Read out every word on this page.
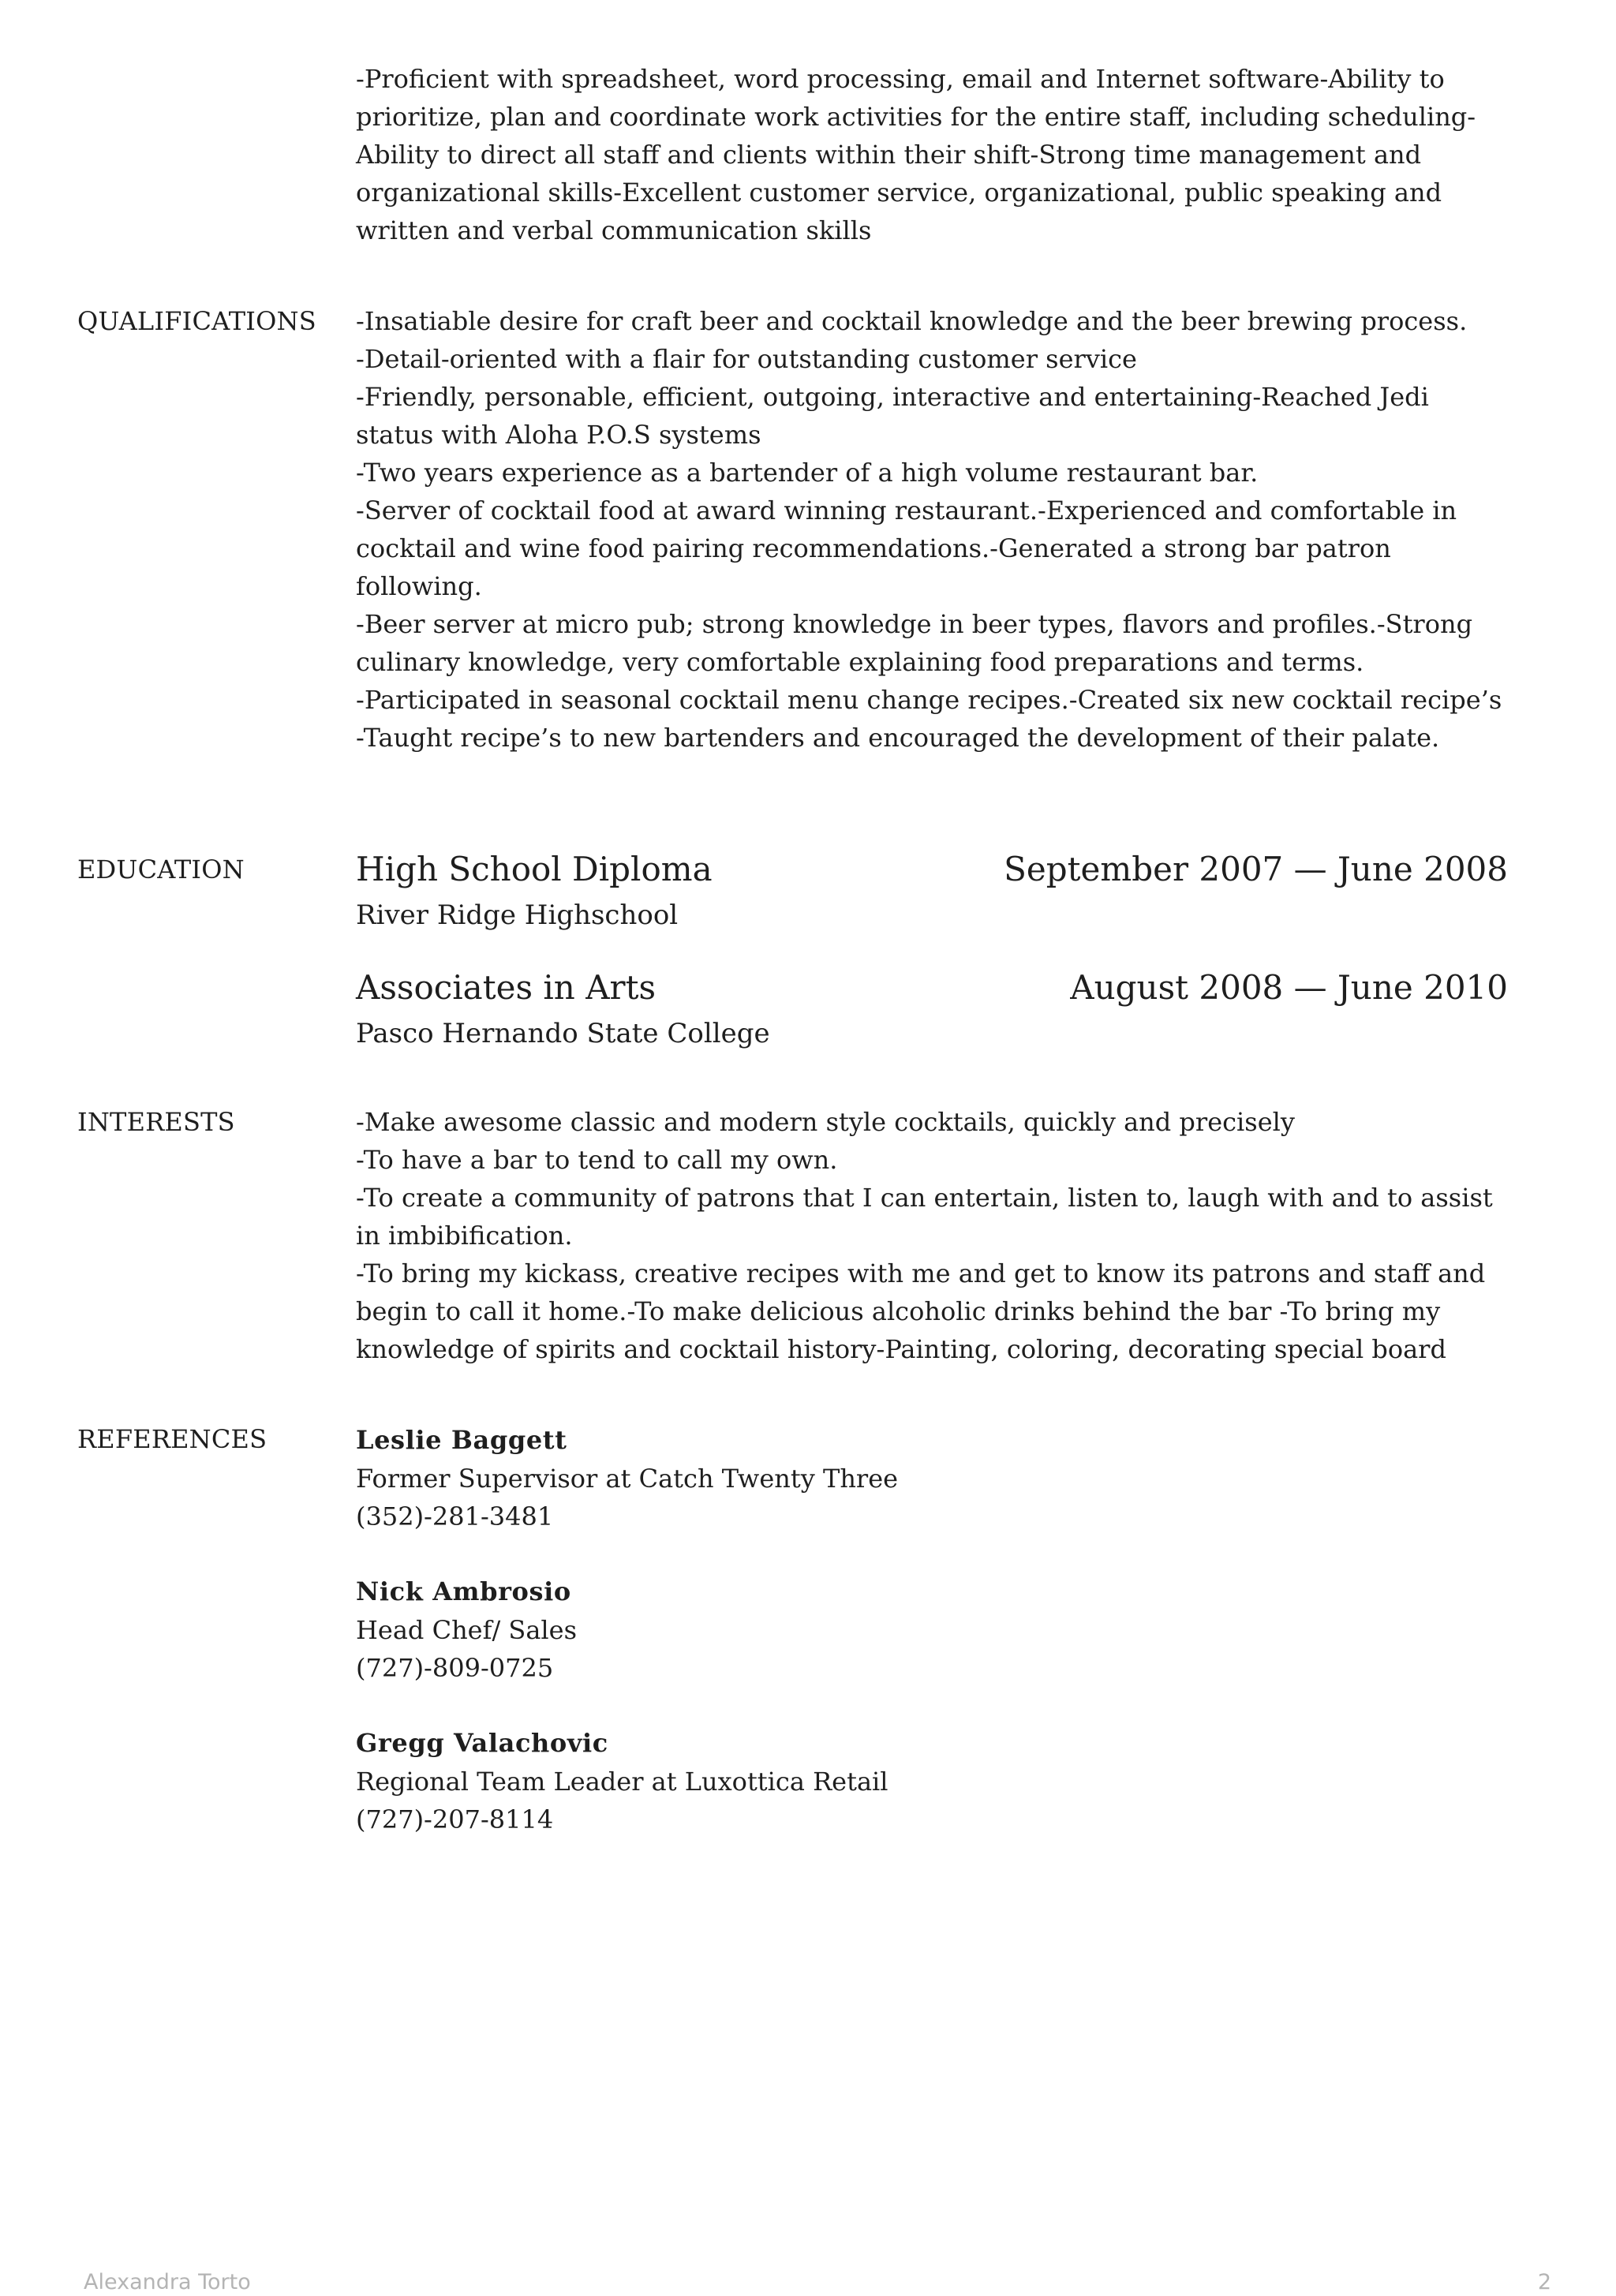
-Proficient with spreadsheet, word processing, email and Internet software-Ability to
prioritize, plan and coordinate work activities for the entire staff, including scheduling-
Ability to direct all staff and clients within their shift-Strong time management and
organizational skills-Excellent customer service, organizational, public speaking and
written and verbal communication skills
QUALIFICATIONS -Insatiable desire for craft beer and cocktail knowledge and the beer brewing process.
-Detail-oriented with a flair for outstanding customer service
-Friendly, personable, efficient, outgoing, interactive and entertaining-Reached Jedi
status with Aloha P.O.S systems
-Two years experience as a bartender of a high volume restaurant bar.
-Server of cocktail food at award winning restaurant.-Experienced and comfortable in
cocktail and wine food pairing recommendations.-Generated a strong bar patron
following.
-Beer server at micro pub; strong knowledge in beer types, flavors and profiles.-Strong
culinary knowledge, very comfortable explaining food preparations and terms.
-Participated in seasonal cocktail menu change recipes.-Created six new cocktail recipe’s
-Taught recipe’s to new bartenders and encouraged the development of their palate.
EDUCATION	High School Diploma	September 2007 — June 2008
River Ridge Highschool
Associates in Arts	August 2008 — June 2010
Pasco Hernando State College
INTERESTS	-Make awesome classic and modern style cocktails, quickly and precisely
-To have a bar to tend to call my own.
-To create a community of patrons that I can entertain, listen to, laugh with and to assist
in imbibification.
-To bring my kickass, creative recipes with me and get to know its patrons and staff and
begin to call it home.-To make delicious alcoholic drinks behind the bar -To bring my
knowledge of spirits and cocktail history-Painting, coloring, decorating special board
REFERENCES	Leslie Baggett
Former Supervisor at Catch Twenty Three
(352)-281-3481
Nick Ambrosio
Head Chef/ Sales
(727)-809-0725
Gregg Valachovic
Regional Team Leader at Luxottica Retail
(727)-207-8114
Alexandra Torto	2
